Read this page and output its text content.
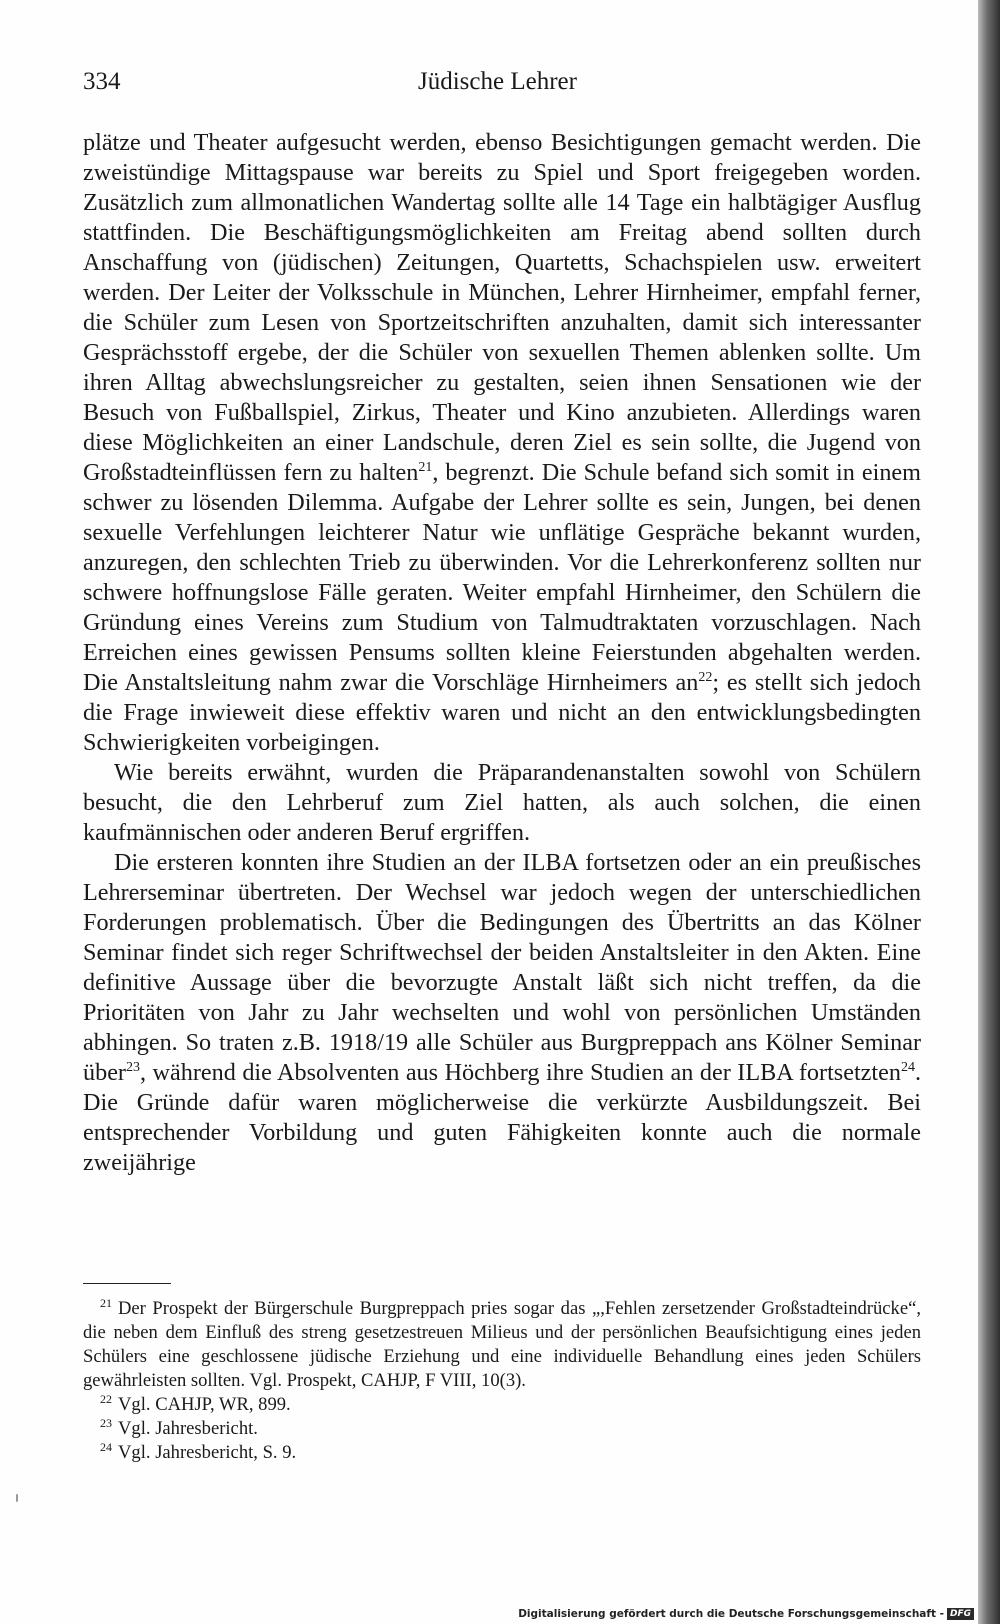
334	Jüdische Lehrer

plätze und Theater aufgesucht werden, ebenso Besichtigungen gemacht werden. Die zweistündige Mittagspause war bereits zu Spiel und Sport freigegeben worden. Zusätzlich zum allmonatlichen Wandertag sollte alle 14 Tage ein halbtägiger Ausflug stattfinden. Die Beschäftigungsmöglichkeiten am Freitag abend sollten durch Anschaffung von (jüdischen) Zeitungen, Quartetts, Schachspielen usw. erweitert werden. Der Leiter der Volksschule in München, Lehrer Hirnheimer, empfahl ferner, die Schüler zum Lesen von Sportzeitschriften anzuhalten, damit sich interessanter Gesprächsstoff ergebe, der die Schüler von sexuellen Themen ablenken sollte. Um ihren Alltag abwechslungsreicher zu gestalten, seien ihnen Sensationen wie der Besuch von Fußballspiel, Zirkus, Theater und Kino anzubieten. Allerdings waren diese Möglichkeiten an einer Landschule, deren Ziel es sein sollte, die Jugend von Großstadteinflüssen fern zu halten$^{21}$, begrenzt. Die Schule befand sich somit in einem schwer zu lösenden Dilemma. Aufgabe der Lehrer sollte es sein, Jungen, bei denen sexuelle Verfehlungen leichterer Natur wie unflätige Gespräche bekannt wurden, anzuregen, den schlechten Trieb zu überwinden. Vor die Lehrerkonferenz sollten nur schwere hoffnungslose Fälle geraten. Weiter empfahl Hirnheimer, den Schülern die Gründung eines Vereins zum Studium von Talmudtraktaten vorzuschlagen. Nach Erreichen eines gewissen Pensums sollten kleine Feierstunden abgehalten werden. Die Anstaltsleitung nahm zwar die Vorschläge Hirnheimers $an^{22}$; es stellt sich jedoch die Frage inwieweit diese effektiv waren und nicht an den entwicklungsbedingten Schwierigkeiten vorbeigingen.

Wie bereits erwähnt, wurden die Präparandenanstalten sowohl von Schülern besucht, die den Lehrberuf zum Ziel hatten, als auch solchen, die einen kaufmännischen oder anderen Beruf ergriffen.

Die ersteren konnten ihre Studien an der ILBA fortsetzen oder an ein preußisches Lehrerseminar übertreten. Der Wechsel war jedoch wegen der unterschiedlichen Forderungen problematisch. Über die Bedingungen des Übertritts an das Kölner Seminar findet sich reger Schriftwechsel der beiden Anstaltsleiter in den Akten. Eine definitive Aussage über die bevorzugte Anstalt läßt sich nicht treffen, da die Prioritäten von Jahr zu Jahr wechselten und wohl von persönlichen Umständen abhingen. So traten z.B. 1918/19 alle Schüler aus Burgpreppach ans Kölner Seminar über$^{23}$, während die Absolventen aus Höchberg ihre Studien an der ILBA fortsetzten$^{24}$. Die Gründe dafür waren möglicherweise die verkürzte Ausbildungszeit. Bei entsprechender Vorbildung und guten Fähigkeiten konnte auch die normale zweijährige

$^{21}$ Der Prospekt der Bürgerschule Burgpreppach pries sogar das „,Fehlen zersetzender Großstadteindrücke“, die neben dem Einfluß des streng gesetzestreuen Milieus und der persönlichen Beaufsichtigung eines jeden Schülers eine geschlossene jüdische Erziehung und eine individuelle Behandlung eines jeden Schülers gewährleisten sollten. Vgl. Prospekt, CAHJP, F VIII, 10(3).

$^{22}$ Vgl. CAHJP, WR, 899.

$^{23}$ Vgl. Jahresbericht.

$^{24}$ Vgl. Jahresbericht, S. 9.

Digitalisierung gefördert durch die Deutsche Forschungsgemeinschaft - DFG
